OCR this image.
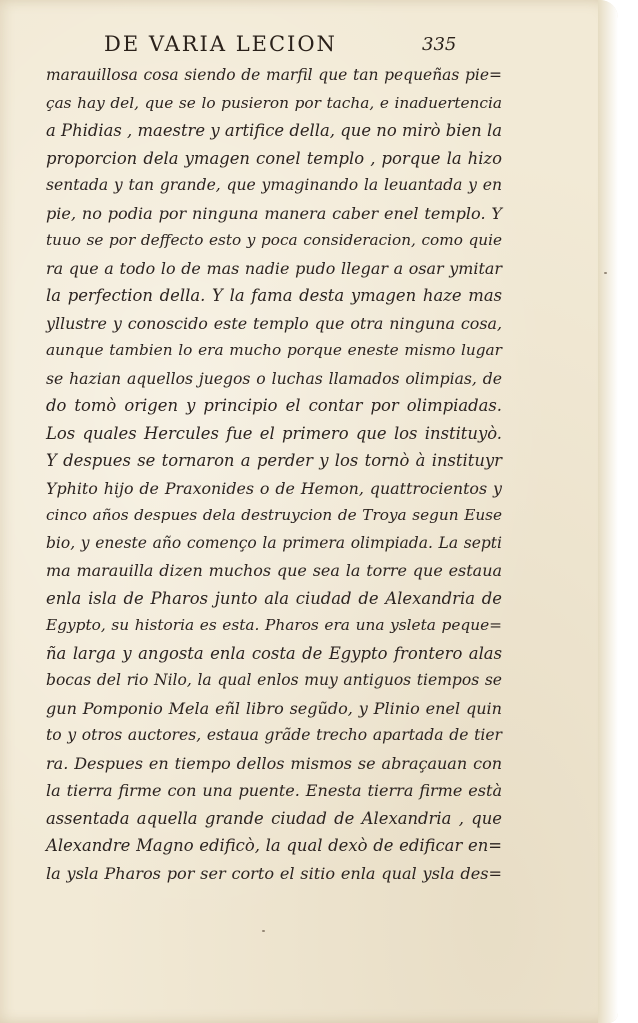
DE VARIA LECION	335
marauillosa cosa siendo de marfil que tan pequeñas pie=
ças hay del, que se lo pusieron por tacha, e inaduertencia
a Phidias , maestre y artifice della, que no mirò bien la
proporcion dela ymagen conel templo , porque la hizo
sentada y tan grande, que ymaginando la leuantada y en
pie, no podia por ninguna manera caber enel templo. Y
tuuo se por deffecto esto y poca consideracion, como quie
ra que a todo lo de mas nadie pudo llegar a osar ymitar
la perfection della. Y la fama desta ymagen haze mas
yllustre y conoscido este templo que otra ninguna cosa,
aunque tambien lo era mucho porque eneste mismo lugar
se hazian aquellos juegos o luchas llamados olimpias, de
do tomò origen y principio el contar por olimpiadas.
Los quales Hercules fue el primero que los instituyò.
Y despues se tornaron a perder y los tornò à instituyr
Yphito hijo de Praxonides o de Hemon, quattrocientos y
cinco años despues dela destruycion de Troya segun Euse
bio, y eneste año començo la primera olimpiada. La septi
ma marauilla dizen muchos que sea la torre que estaua
enla isla de Pharos junto ala ciudad de Alexandria de
Egypto, su historia es esta. Pharos era una ysleta peque=
ña larga y angosta enla costa de Egypto frontero alas
bocas del rio Nilo, la qual enlos muy antiguos tiempos se
gun Pomponio Mela eñl libro segũdo, y Plinio enel quin
to y otros auctores, estaua grãde trecho apartada de tier
ra. Despues en tiempo dellos mismos se abraçauan con
la tierra firme con una puente. Enesta tierra firme està
assentada aquella grande ciudad de Alexandria , que
Alexandre Magno edificò, la qual dexò de edificar en=
la ysla Pharos por ser corto el sitio enla qual ysla des=
